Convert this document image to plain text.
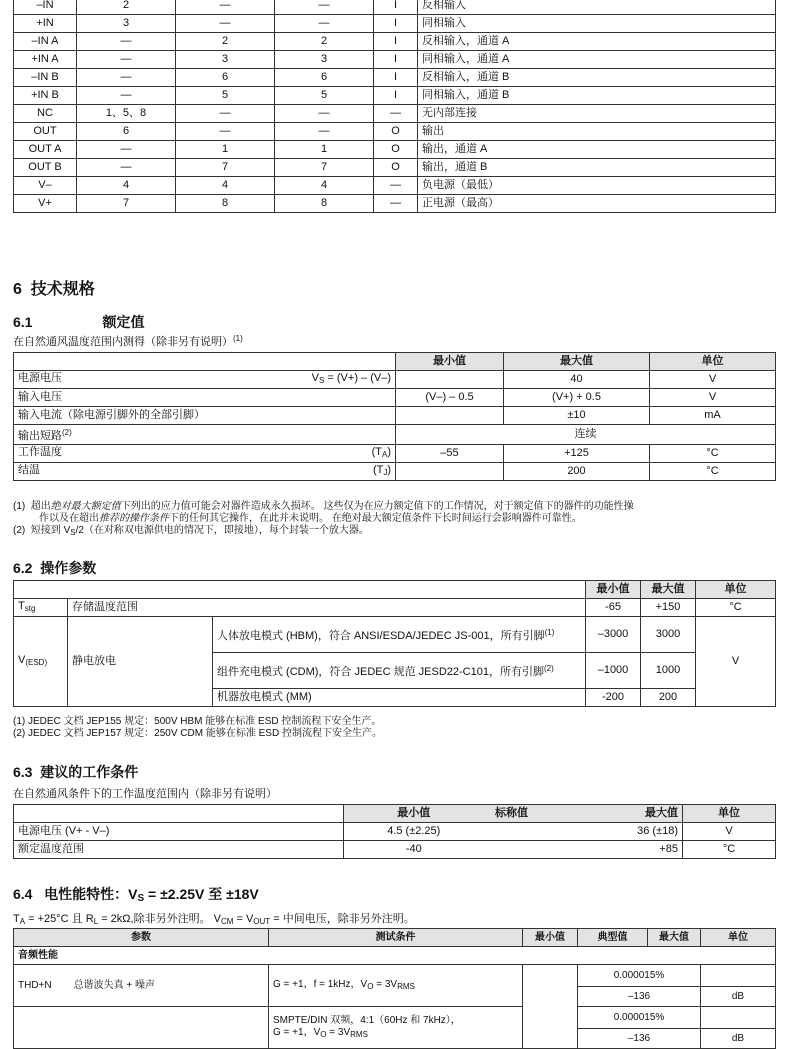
–IN	2	—	—	I	反相输入
+IN	3	—	—	I	同相输入
–IN A	—	2	2	I	反相输入，通道 A
+IN A	—	3	3	I	同相输入，通道 A
–IN B	—	6	6	I	反相输入，通道 B
+IN B	—	5	5	I	同相输入，通道 B
NC	1、5、8	—	—	—	无内部连接
OUT	6	—	—	O	输出
OUT A	—	1	1	O	输出，通道 A
OUT B	—	7	7	O	输出，通道 B
V–	4	4	4	—	负电源（最低）
V+	7	8	8	—	正电源（最高）
6 技术规格
6.1	额定值
在自然通风温度范围内测得（除非另有说明）$^{(1)}$
	最小值	最大值	单位
电源电压 $V_S = (V+) - (V-)$		40	V
输入电压	(V–) – 0.5	(V+) + 0.5	V
输入电流（除电源引脚外的全部引脚）		±10	mA
输出短路$^{(2)}$	连续		
工作温度 $(T_A)$	–55	+125	°C
结温 $(T_J)$		200	°C
(1) 超出绝对最大额定值下列出的应力值可能会对器件造成永久损坏。 这些仅为在应力额定值下的工作情况，对于额定值下的器件的功能性操
作以及在超出推荐的操作条件下的任何其它操作，在此并未说明。 在绝对最大额定值条件下长时间运行会影响器件可靠性。
(2) 短接到 $V_S/2$（在对称双电源供电的情况下，即接地），每个封装一个放大器。
6.2 操作参数
			最小值	最大值	单位
$T_{stg}$	存储温度范围		-65	+150	°C
$V_{(ESD)}$	静电放电	人体放电模式 (HBM)，符合 ANSI/ESDA/JEDEC JS-001，所有引脚$^{(1)}$	–3000	3000	V
		组件充电模式 (CDM)，符合 JEDEC 规范 JESD22-C101，所有引脚$^{(2)}$	–1000	1000	
		机器放电模式 (MM)	-200	200	
(1) JEDEC 文档 JEP155 规定：500V HBM 能够在标准 ESD 控制流程下安全生产。
(2) JEDEC 文档 JEP157 规定：250V CDM 能够在标准 ESD 控制流程下安全生产。
6.3 建议的工作条件
在自然通风条件下的工作温度范围内（除非另有说明）
	最小值	标称值	最大值	单位
电源电压 (V+ - V–)	4.5 (±2.25)		36 (±18)	V
额定温度范围	-40		+85	°C
6.4 电性能特性：$V_S = \pm 2.25V$ 至 ±18V
$T_A = +25^\circ C$ 且 $R_L = 2k\Omega$,除非另外注明。 $V_{CM} = V_{OUT}$ = 中间电压，除非另外注明。
参数	测试条件	最小值	典型值	最大值	单位
音频性能					
THD+N 总谐波失真 + 噪声	G = +1，f = 1kHz，$V_O = 3V_{RMS}$		0.000015%		
			–136		dB

	SMPTE/DIN 双频，4:1（60Hz 和 7kHz），
G = +1，$V_O = 3V_{RMS}$		0.000015%		
			–136		dB
